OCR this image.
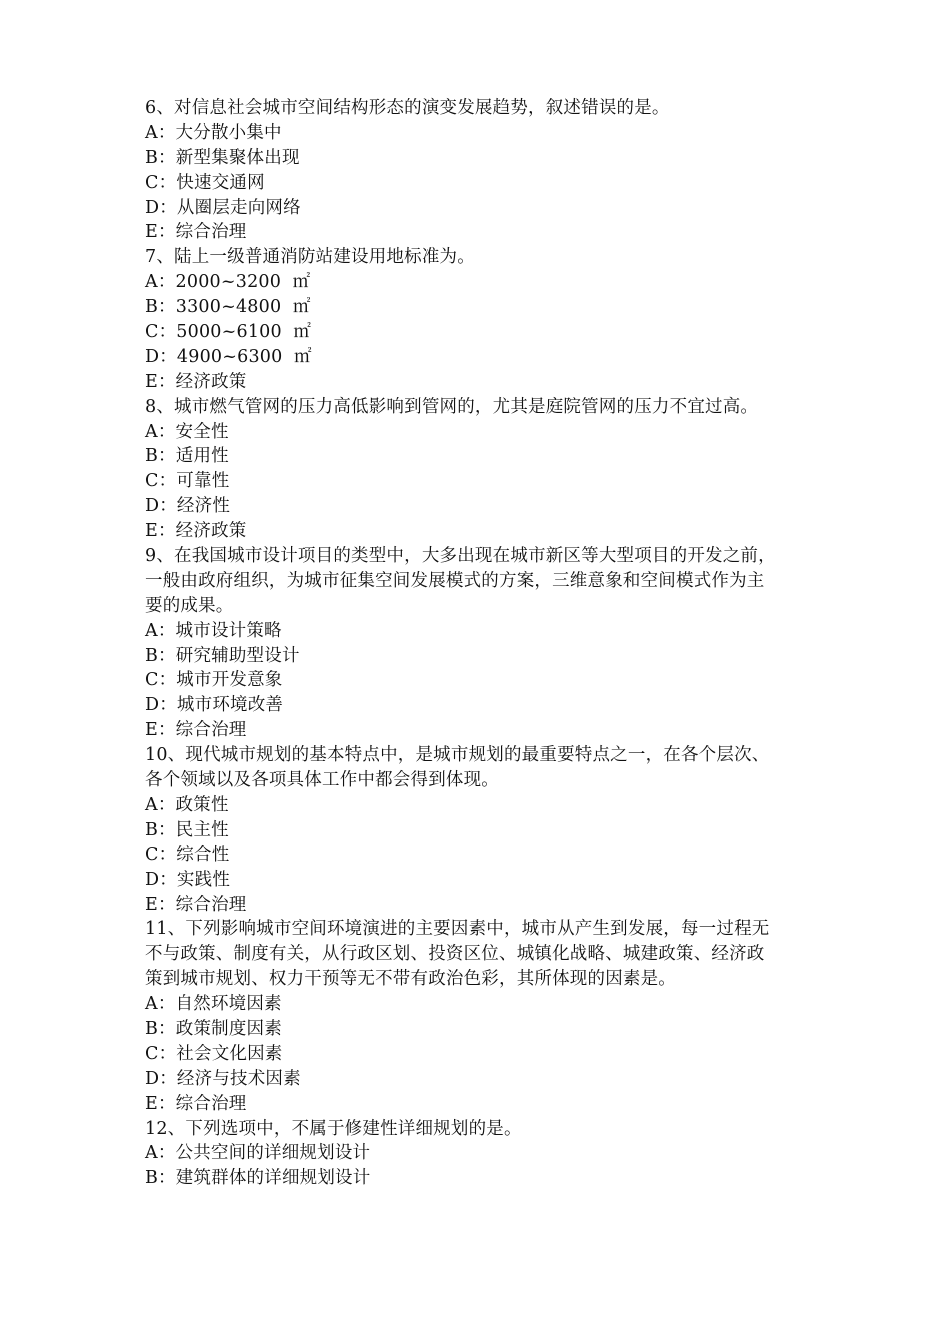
6、对信息社会城市空间结构形态的演变发展趋势，叙述错误的是。
A：大分散小集中
B：新型集聚体出现
C：快速交通网
D：从圈层走向网络
E：综合治理
7、陆上一级普通消防站建设用地标准为。
A：2000~3200  ㎡
B：3300~4800  ㎡
C：5000~6100  ㎡
D：4900~6300  ㎡
E：经济政策
8、城市燃气管网的压力高低影响到管网的，尤其是庭院管网的压力不宜过高。
A：安全性
B：适用性
C：可靠性
D：经济性
E：经济政策
9、在我国城市设计项目的类型中，大多出现在城市新区等大型项目的开发之前，
一般由政府组织，为城市征集空间发展模式的方案，三维意象和空间模式作为主
要的成果。
A：城市设计策略
B：研究辅助型设计
C：城市开发意象
D：城市环境改善
E：综合治理
10、现代城市规划的基本特点中，是城市规划的最重要特点之一，在各个层次、
各个领域以及各项具体工作中都会得到体现。
A：政策性
B：民主性
C：综合性
D：实践性
E：综合治理
11、下列影响城市空间环境演进的主要因素中，城市从产生到发展，每一过程无
不与政策、制度有关，从行政区划、投资区位、城镇化战略、城建政策、经济政
策到城市规划、权力干预等无不带有政治色彩，其所体现的因素是。
A：自然环境因素
B：政策制度因素
C：社会文化因素
D：经济与技术因素
E：综合治理
12、下列选项中，不属于修建性详细规划的是。
A：公共空间的详细规划设计
B：建筑群体的详细规划设计
